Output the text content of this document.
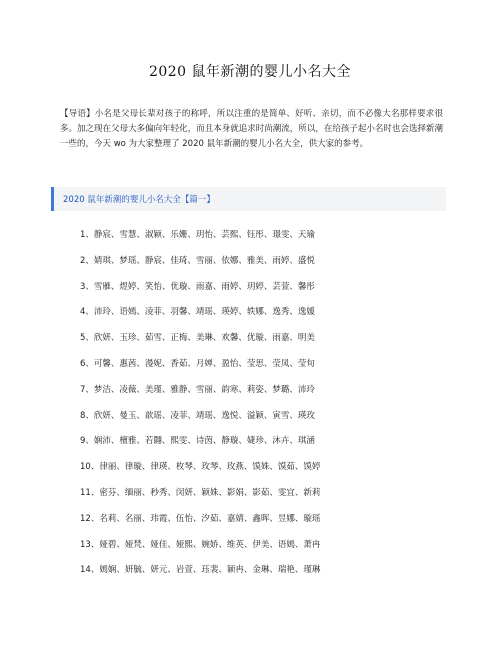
2020 鼠年新潮的婴儿小名大全
【导语】小名是父母长辈对孩子的称呼，所以注重的是简单、好听、亲切，而不必像大名那样要求很多。加之现在父母大多偏向年轻化，而且本身就追求时尚潮流，所以，在给孩子起小名时也会选择新潮一些的，今天 wo 为大家整理了 2020 鼠年新潮的婴儿小名大全，供大家的参考。
2020 鼠年新潮的婴儿小名大全【篇一】
1、静宸、雪慧、淑颖、乐姗、玥怡、芸熙、钰彤、璟雯、天瑜
2、婧琪、梦瑶、静宸、佳琦、雪丽、依娜、雅美、雨婷、盛悦
3、雪雁、煜婷、笑怡、优璇、雨嘉、雨婷、玥婷、芸萱、馨彤
4、沛玲、语嫣、凌菲、羽馨、靖瑶、瑛婷、轶娜、逸秀、逸媛
5、欣妍、玉珍、茹雪、正梅、美琳、欢馨、优璇、雨嘉、明美
6、可馨、惠茜、漫妮、香茹、月婵、盈怡、莹思、莹凤、莹旬
7、梦洁、凌薇、美瑾、雅静、雪丽、韵寒、莉姿、梦璐、沛玲
8、欣妍、曼玉、歆瑶、凌菲、靖瑶、逸悦、溢颖、寅雪、瑛玫
9、娴沛、檀雅、若翾、熙雯、诗茵、静璇、婕珍、沐卉、琪涵
10、律丽、律璇、律瑛、枚琴、玫琴、玫燕、馍姝、馍茹、馍婷
11、密芬、缅丽、秒秀、闵妍、颖姝、影娟、影茹、雯宜、新莉
12、名莉、名丽、玮霞、伍怡、汐茹、嘉婧、鑫晖、昱娜、璇瑶
13、娅碧、娅梵、娅佳、娅熙、婉娇、维英、伊美、语嫣、萧冉
14、嫣娴、妍毓、妍元、岩萱、珏裴、颖冉、金琳、瑞艳、瑾琳
